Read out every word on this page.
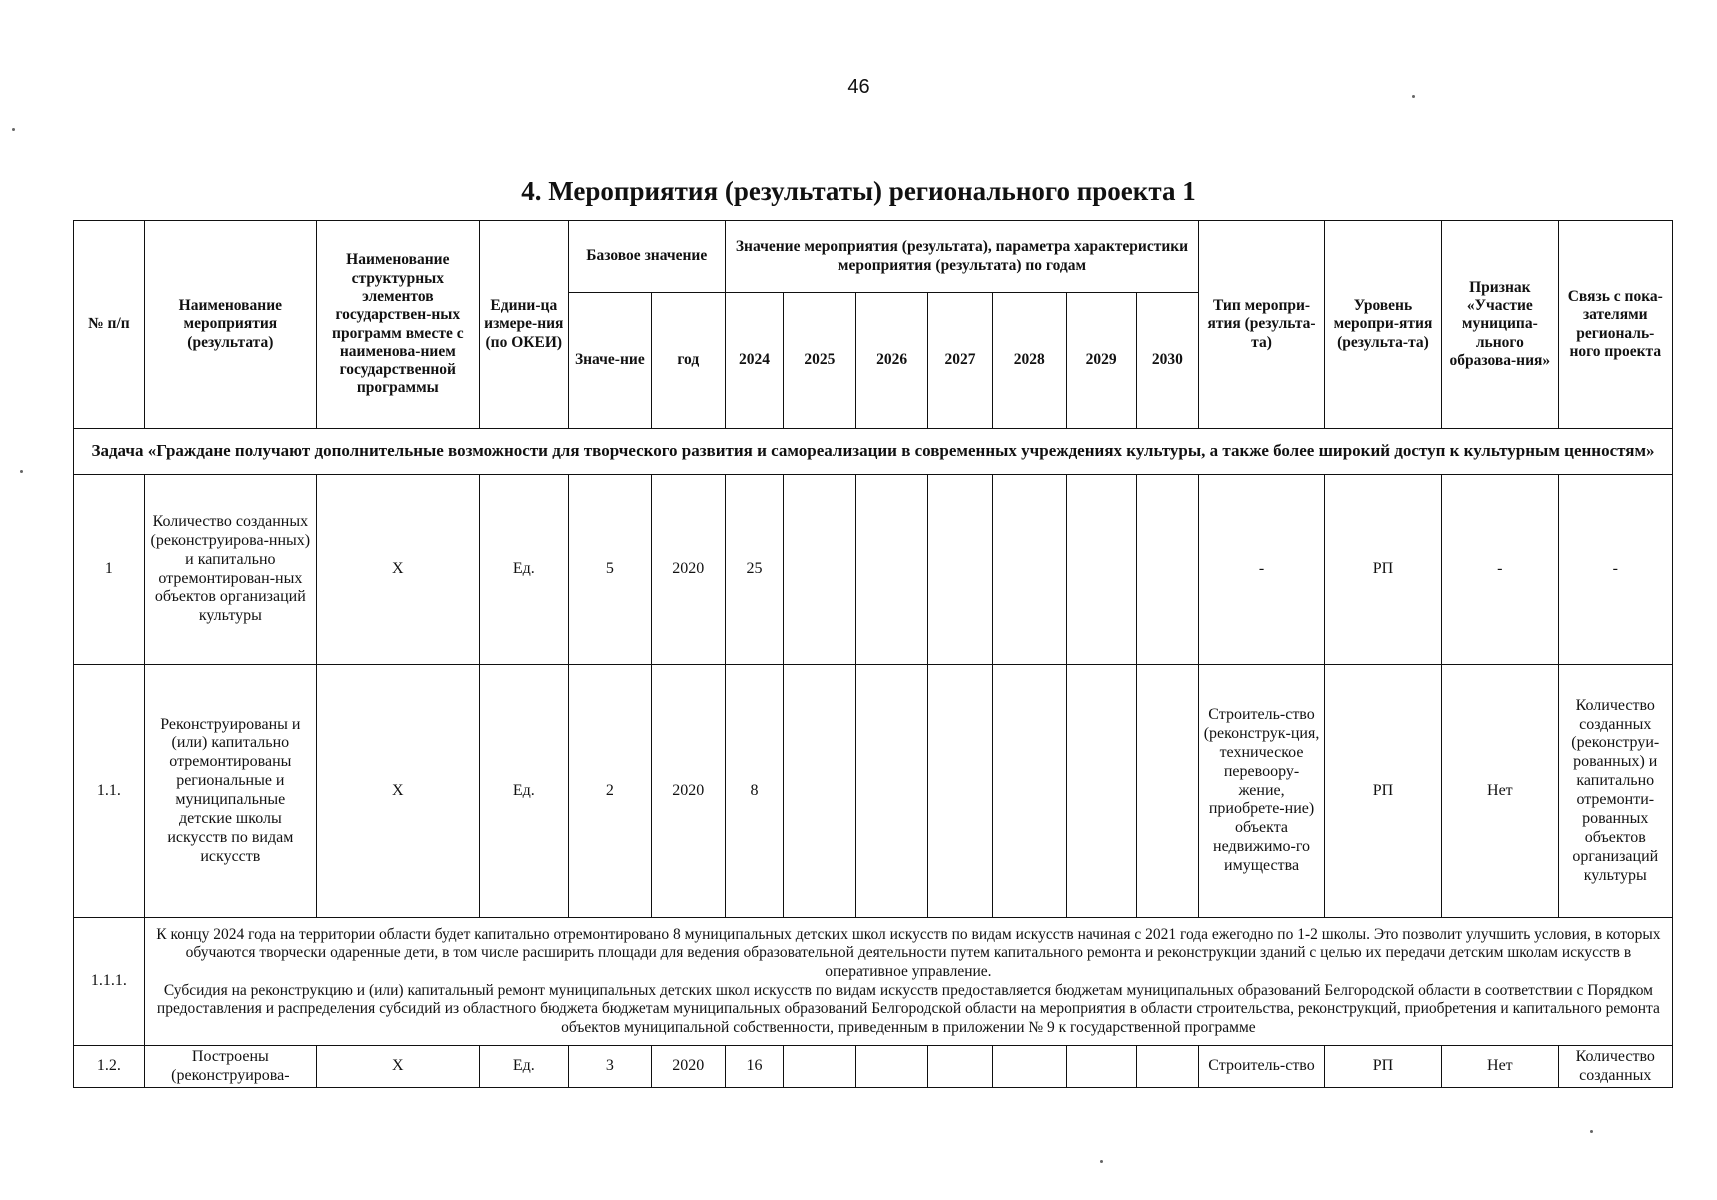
46
4. Мероприятия (результаты) регионального проекта 1
№ п/п	Наименование мероприятия (результата)	Наименование структурных элементов государствен-ных программ вместе с наименова-нием государственной программы	Едини-ца измере-ния (по ОКЕИ)	Базовое значение		Значение мероприятия (результата), параметра характеристики мероприятия (результата) по годам							Тип меропри-ятия (результа-та)	Уровень меропри-ятия (результа-та)	Признак «Участие муниципа-льного образова-ния»	Связь с пока-зателями региональ-ного проекта
				Значе-ние	год	2024	2025	2026	2027	2028	2029	2030				
Задача «Граждане получают дополнительные возможности для творческого развития и самореализации в современных учреждениях культуры, а также более широкий доступ к культурным ценностям»																
1	Количество созданных (реконструирова-нных) и капитально отремонтирован-ных объектов организаций культуры	X	Ед.	5	2020	25							-	РП	-	-
1.1.	Реконструированы и (или) капитально отремонтированы региональные и муниципальные детские школы искусств по видам искусств	X	Ед.	2	2020	8							Строитель-ство (реконструк-ция, техническое перевоору-жение, приобрете-ние) объекта недвижимо-го имущества	РП	Нет	Количество созданных (реконструи-рованных) и капитально отремонти-рованных объектов организаций культуры
1.1.1.	К концу 2024 года на территории области будет капитально отремонтировано 8 муниципальных детских школ искусств по видам искусств начиная с 2021 года ежегодно по 1-2 школы. Это позволит улучшить условия, в которых обучаются творчески одаренные дети, в том числе расширить площади для ведения образовательной деятельности путем капитального ремонта и реконструкции зданий с целью их передачи детским школам искусств в оперативное управление.
Субсидия на реконструкцию и (или) капитальный ремонт муниципальных детских школ искусств по видам искусств предоставляется бюджетам муниципальных образований Белгородской области в соответствии с Порядком предоставления и распределения субсидий из областного бюджета бюджетам муниципальных образований Белгородской области на мероприятия в области строительства, реконструкций, приобретения и капитального ремонта объектов муниципальной собственности, приведенным в приложении № 9 к государственной программе															
1.2.	Построены (реконструирова-	X	Ед.	3	2020	16							Строитель-ство	РП	Нет	Количество созданных
